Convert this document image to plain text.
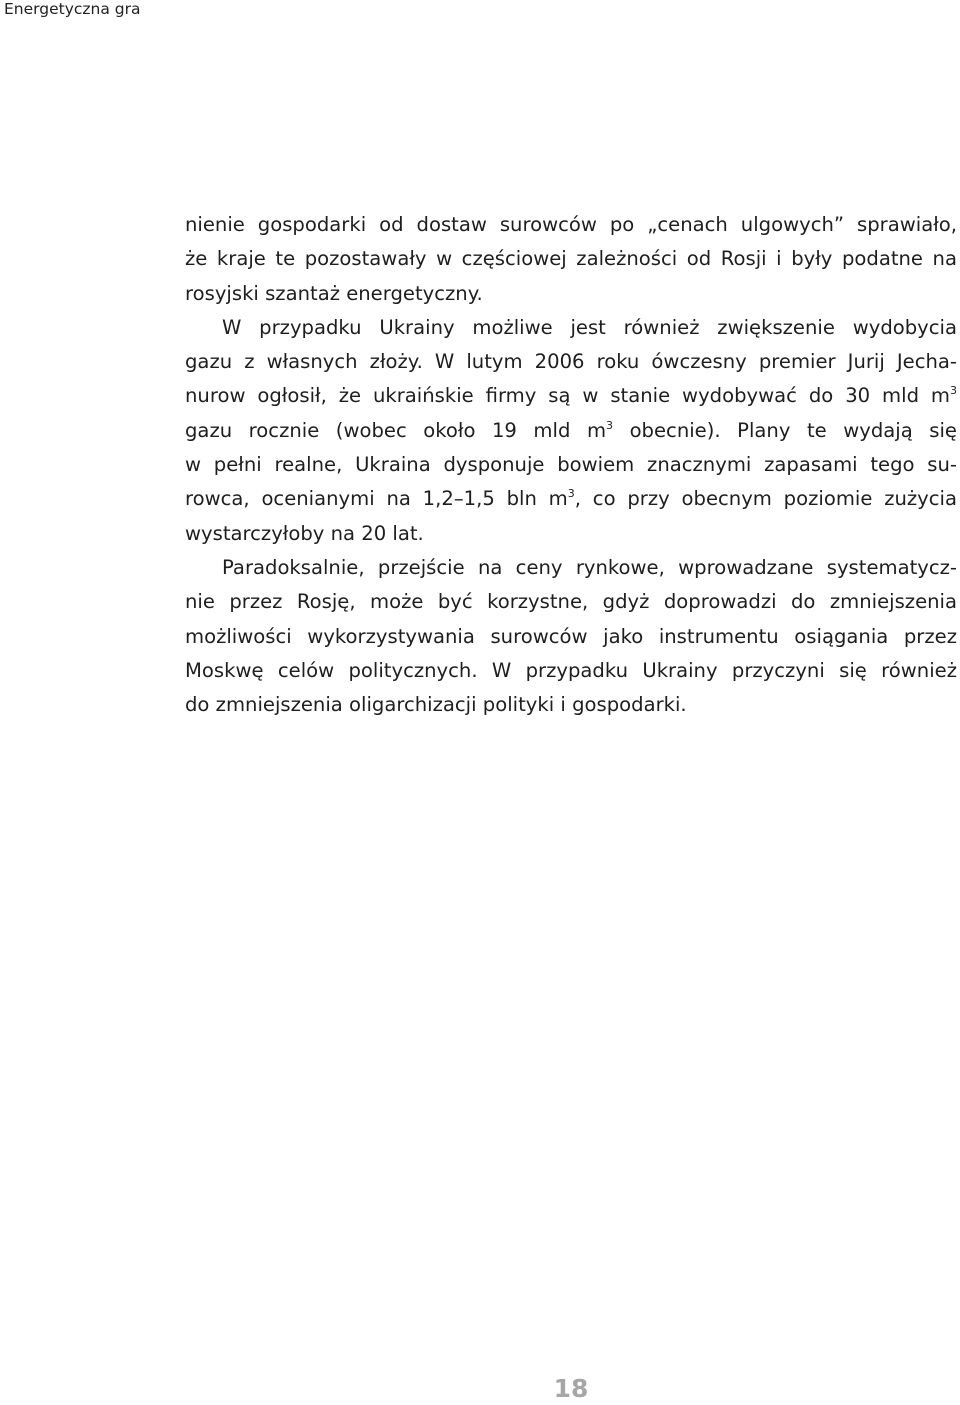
Energetyczna gra
nienie gospodarki od dostaw surowców po „cenach ulgowych” sprawiało,
że kraje te pozostawały w częściowej zależności od Rosji i były podatne na
rosyjski szantaż energetyczny.
W przypadku Ukrainy możliwe jest również zwiększenie wydobycia
gazu z własnych złoży. W lutym 2006 roku ówczesny premier Jurij Jecha-
nurow ogłosił, że ukraińskie firmy są w stanie wydobywać do 30 mld $m^3$
gazu rocznie (wobec około 19 mld $m^3$ obecnie). Plany te wydają się
w pełni realne, Ukraina dysponuje bowiem znacznymi zapasami tego su-
rowca, ocenianymi na 1,2–1,5 bln $m^3$, co przy obecnym poziomie zużycia
wystarczyłoby na 20 lat.
Paradoksalnie, przejście na ceny rynkowe, wprowadzane systematycz-
nie przez Rosję, może być korzystne, gdyż doprowadzi do zmniejszenia
możliwości wykorzystywania surowców jako instrumentu osiągania przez
Moskwę celów politycznych. W przypadku Ukrainy przyczyni się również
do zmniejszenia oligarchizacji polityki i gospodarki.
18
